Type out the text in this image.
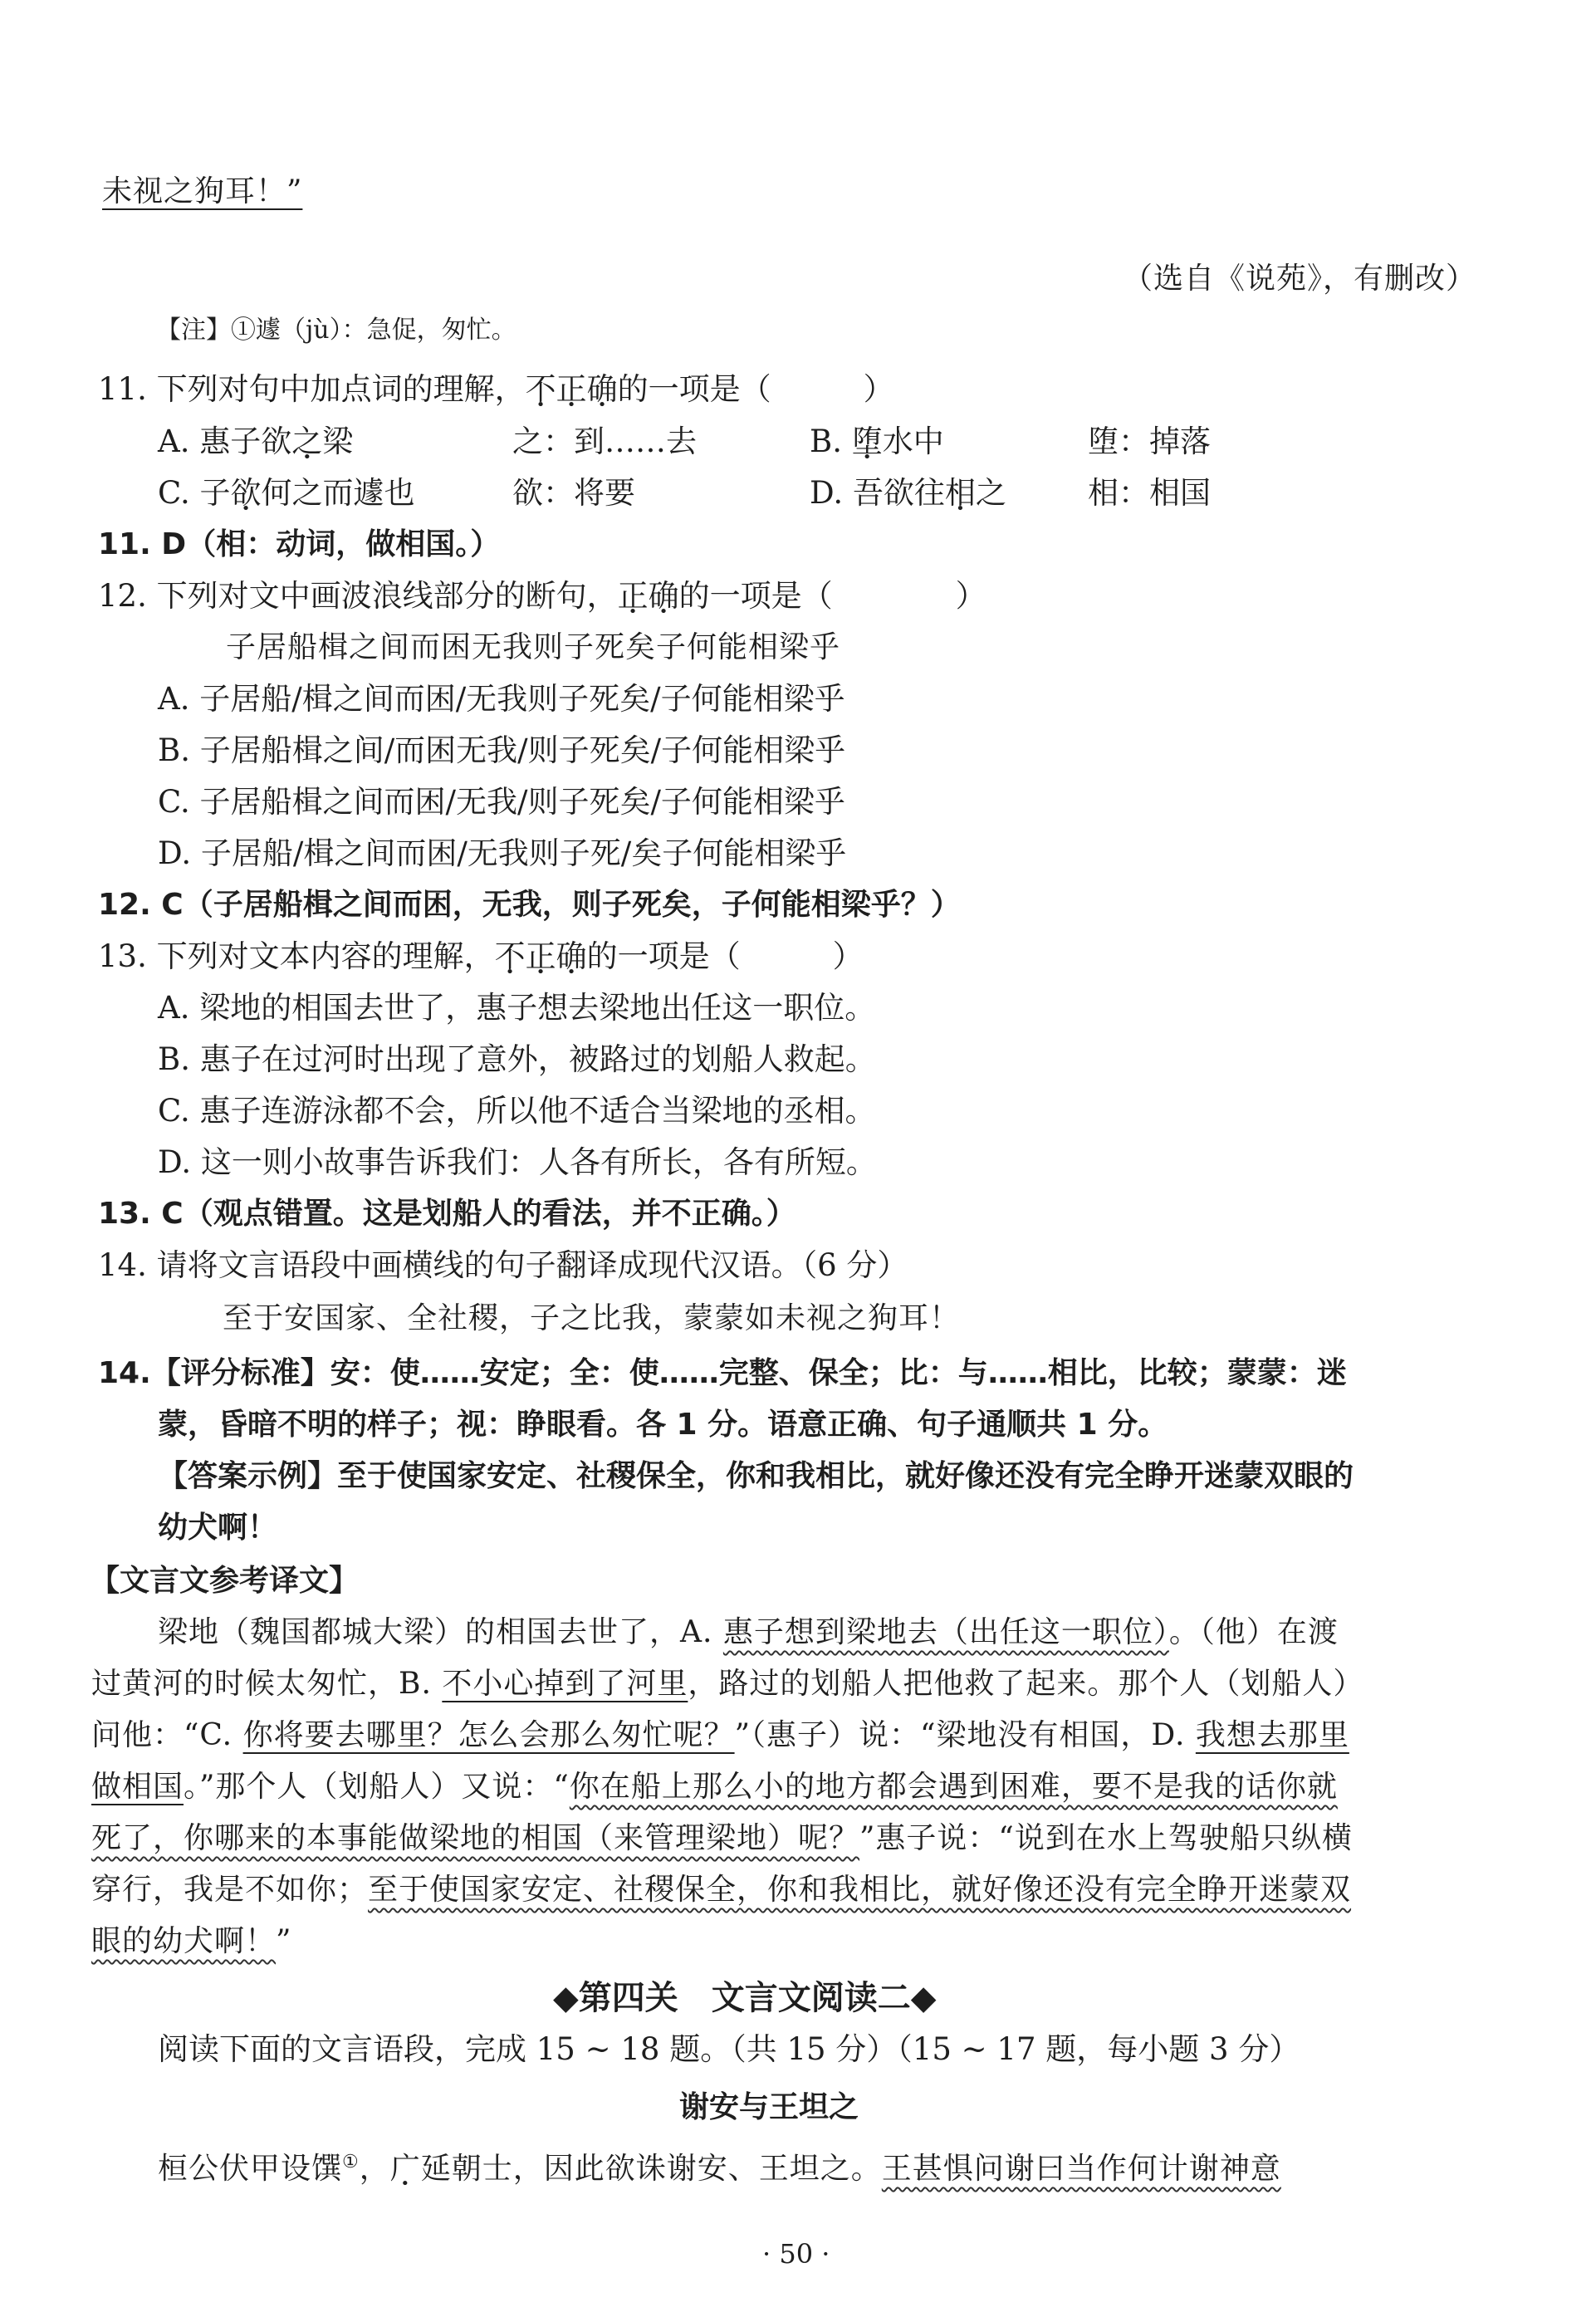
未视之狗耳！”
（选自《说苑》，有删改）
【注】①遽（jù）：急促，匆忙。
11. 下列对句中加点词的理解，不正确的一项是（　　　）
A. 惠子欲之梁	之：到……去	B. 堕水中	堕：掉落
C. 子欲何之而遽也	欲：将要	D. 吾欲往相之	相：相国
11. D（相：动词，做相国。）
12. 下列对文中画波浪线部分的断句，正确的一项是（　　　　）
子居船楫之间而困无我则子死矣子何能相梁乎
A. 子居船/楫之间而困/无我则子死矣/子何能相梁乎
B. 子居船楫之间/而困无我/则子死矣/子何能相梁乎
C. 子居船楫之间而困/无我/则子死矣/子何能相梁乎
D. 子居船/楫之间而困/无我则子死/矣子何能相梁乎
12. C（子居船楫之间而困，无我，则子死矣，子何能相梁乎？）
13. 下列对文本内容的理解，不正确的一项是（　　　）
A. 梁地的相国去世了，惠子想去梁地出任这一职位。
B. 惠子在过河时出现了意外，被路过的划船人救起。
C. 惠子连游泳都不会，所以他不适合当梁地的丞相。
D. 这一则小故事告诉我们：人各有所长，各有所短。
13. C（观点错置。这是划船人的看法，并不正确。）
14. 请将文言语段中画横线的句子翻译成现代汉语。（6 分）
至于安国家、全社稷，子之比我，蒙蒙如未视之狗耳！
14.【评分标准】安：使……安定；全：使……完整、保全；比：与……相比，比较；蒙蒙：迷
蒙，昏暗不明的样子；视：睁眼看。各 1 分。语意正确、句子通顺共 1 分。
【答案示例】至于使国家安定、社稷保全，你和我相比，就好像还没有完全睁开迷蒙双眼的
幼犬啊！
【文言文参考译文】
梁地（魏国都城大梁）的相国去世了，A. 惠子想到梁地去（出任这一职位）。（他）在渡
过黄河的时候太匆忙，B. 不小心掉到了河里，路过的划船人把他救了起来。那个人（划船人）
问他：“C. 你将要去哪里？怎么会那么匆忙呢？”（惠子）说：“梁地没有相国，D. 我想去那里
做相国。”那个人（划船人）又说：“你在船上那么小的地方都会遇到困难，要不是我的话你就
死了，你哪来的本事能做梁地的相国（来管理梁地）呢？”惠子说：“说到在水上驾驶船只纵横
穿行，我是不如你；至于使国家安定、社稷保全，你和我相比，就好像还没有完全睁开迷蒙双
眼的幼犬啊！”
◆第四关　文言文阅读二◆
阅读下面的文言语段，完成 15 ~ 18 题。（共 15 分）（15 ~ 17 题，每小题 3 分）
谢安与王坦之
桓公伏甲设馔①，广延朝士，因此欲诛谢安、王坦之。王甚惧问谢曰当作何计谢神意
· 50 ·
